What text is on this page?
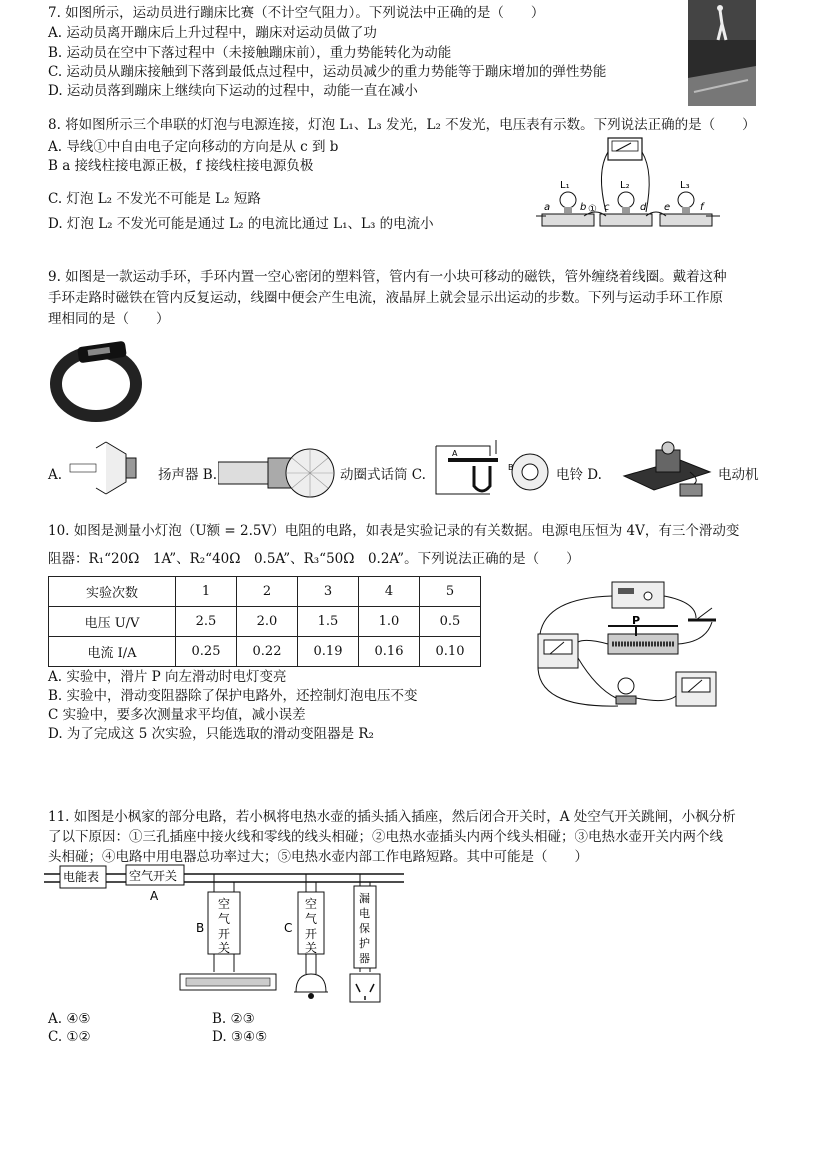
7. 如图所示，运动员进行蹦床比赛（不计空气阻力）。下列说法中正确的是（　　）
A. 运动员离开蹦床后上升过程中，蹦床对运动员做了功
B. 运动员在空中下落过程中（未接触蹦床前），重力势能转化为动能
C. 运动员从蹦床接触到下落到最低点过程中，运动员减少的重力势能等于蹦床增加的弹性势能
D. 运动员落到蹦床上继续向下运动的过程中，动能一直在减小
8. 将如图所示三个串联的灯泡与电源连接，灯泡 L₁、L₃ 发光，L₂ 不发光，电压表有示数。下列说法正确的是（　　）
A. 导线①中自由电子定向移动的方向是从 c 到 b
B a 接线柱接电源正极，f 接线柱接电源负极
C. 灯泡 L₂ 不发光不可能是 L₂ 短路
D. 灯泡 L₂ 不发光可能是通过 L₂ 的电流比通过 L₁、L₃ 的电流小
L₁	L₂	L₃
a	b c	d e	f
①
9. 如图是一款运动手环，手环内置一空心密闭的塑料管，管内有一小块可移动的磁铁，管外缠绕着线圈。戴着这种
手环走路时磁铁在管内反复运动，线圈中便会产生电流，液晶屏上就会显示出运动的步数。下列与运动手环工作原
理相同的是（　　）
A.	扬声器 B.	动圈式话筒 C.
A
B	电铃 D.	电动机
10. 如图是测量小灯泡（U额 = 2.5V）电阻的电路，如表是实验记录的有关数据。电源电压恒为 4V，有三个滑动变
阻器：R₁“20Ω　1A”、R₂“40Ω　0.5A”、R₃“50Ω　0.2A”。下列说法正确的是（　　）
实验次数	1	2	3	4	5
电压 U/V	2.5	2.0	1.5	1.0	0.5
电流 I/A	0.25	0.22	0.19	0.16	0.10
A. 实验中，滑片 P 向左滑动时电灯变亮
B. 实验中，滑动变阻器除了保护电路外，还控制灯泡电压不变
C 实验中，要多次测量求平均值，减小误差
D. 为了完成这 5 次实验，只能选取的滑动变阻器是 R₂
P
11. 如图是小枫家的部分电路，若小枫将电热水壶的插头插入插座，然后闭合开关时，A 处空气开关跳闸，小枫分析
了以下原因：①三孔插座中接火线和零线的线头相碰；②电热水壶插头内两个线头相碰；③电热水壶开关内两个线
头相碰；④电路中用电器总功率过大；⑤电热水壶内部工作电路短路。其中可能是（　　）
电能表 空气开关
A
空
气
开
关
B
空
气
开
关
C
漏
电
保
护
器
A. ④⑤	B. ②③
C. ①②	D. ③④⑤
